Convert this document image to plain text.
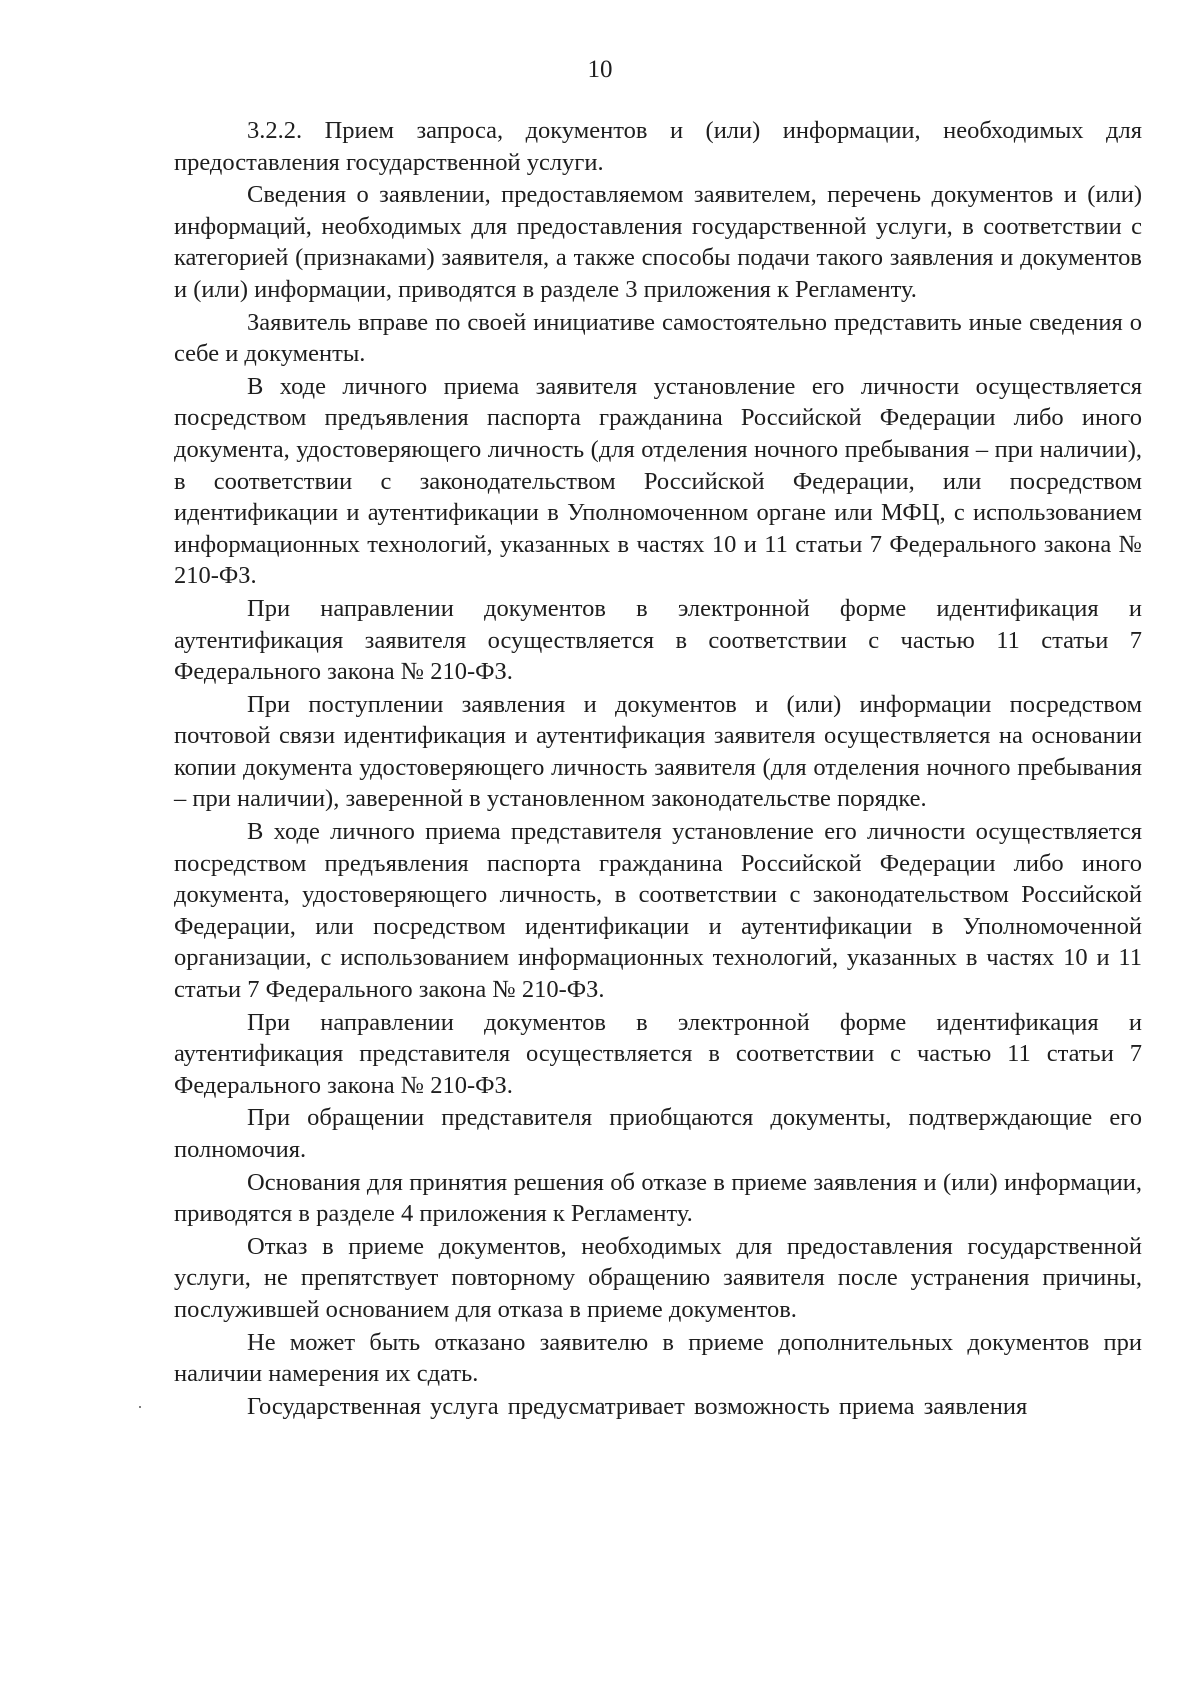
10

3.2.2. Прием запроса, документов и (или) информации, необходимых для предоставления государственной услуги.

Сведения о заявлении, предоставляемом заявителем, перечень документов и (или) информаций, необходимых для предоставления государственной услуги, в соответствии с категорией (признаками) заявителя, а также способы подачи такого заявления и документов и (или) информации, приводятся в разделе 3 приложения к Регламенту.

Заявитель вправе по своей инициативе самостоятельно представить иные сведения о себе и документы.

В ходе личного приема заявителя установление его личности осуществляется посредством предъявления паспорта гражданина Российской Федерации либо иного документа, удостоверяющего личность (для отделения ночного пребывания – при наличии), в соответствии с законодательством Российской Федерации, или посредством идентификации и аутентификации в Уполномоченном органе или МФЦ, с использованием информационных технологий, указанных в частях 10 и 11 статьи 7 Федерального закона № 210-ФЗ.

При направлении документов в электронной форме идентификация и аутентификация заявителя осуществляется в соответствии с частью 11 статьи 7 Федерального закона № 210-ФЗ.

При поступлении заявления и документов и (или) информации посредством почтовой связи идентификация и аутентификация заявителя осуществляется на основании копии документа удостоверяющего личность заявителя (для отделения ночного пребывания – при наличии), заверенной в установленном законодательстве порядке.

В ходе личного приема представителя установление его личности осуществляется посредством предъявления паспорта гражданина Российской Федерации либо иного документа, удостоверяющего личность, в соответствии с законодательством Российской Федерации, или посредством идентификации и аутентификации в Уполномоченной организации, с использованием информационных технологий, указанных в частях 10 и 11 статьи 7 Федерального закона № 210-ФЗ.

При направлении документов в электронной форме идентификация и аутентификация представителя осуществляется в соответствии с частью 11 статьи 7 Федерального закона № 210-ФЗ.

При обращении представителя приобщаются документы, подтверждающие его полномочия.

Основания для принятия решения об отказе в приеме заявления и (или) информации, приводятся в разделе 4 приложения к Регламенту.

Отказ в приеме документов, необходимых для предоставления государственной услуги, не препятствует повторному обращению заявителя после устранения причины, послужившей основанием для отказа в приеме документов.

Не может быть отказано заявителю в приеме дополнительных документов при наличии намерения их сдать.

Государственная услуга предусматривает возможность приема заявления
